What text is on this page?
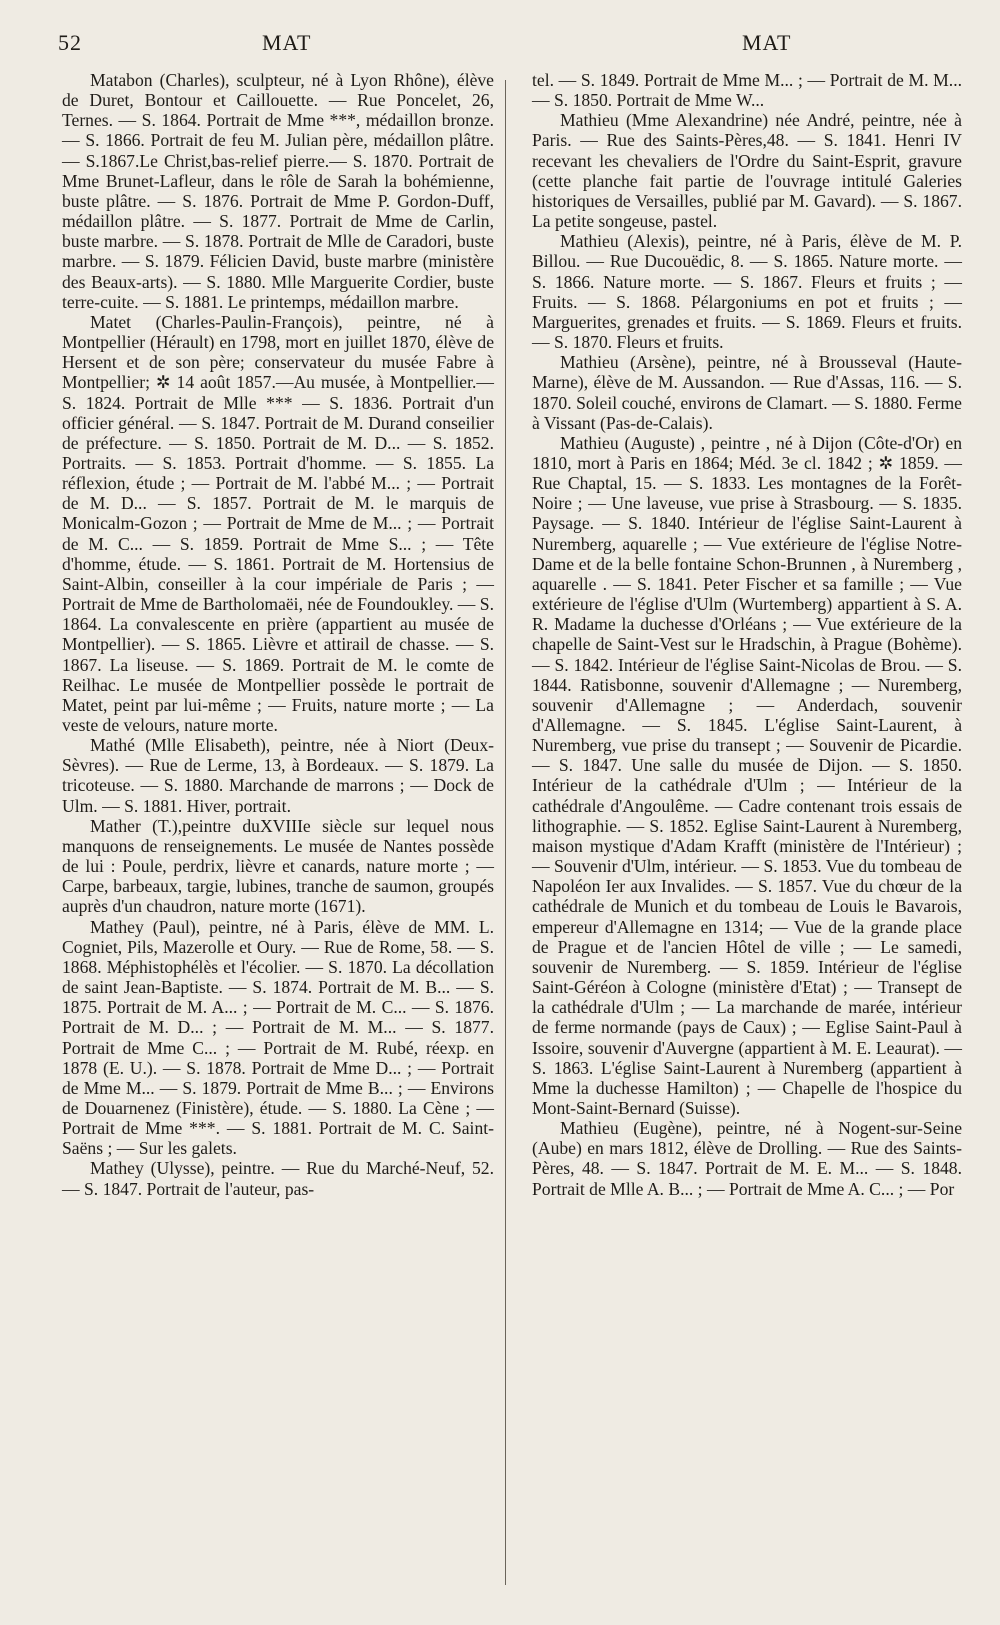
52	MAT	MAT

Matabon (Charles), sculpteur, né à Lyon Rhône), élève de Duret, Bontour et Caillouette. — Rue Poncelet, 26, Ternes. — S. 1864. Portrait de Mme ***, médaillon bronze. — S. 1866. Portrait de feu M. Julian père, médaillon plâtre. — S.1867.Le Christ,bas-relief pierre.— S. 1870. Portrait de Mme Brunet-Lafleur, dans le rôle de Sarah la bohémienne, buste plâtre. — S. 1876. Portrait de Mme P. Gordon-Duff, médaillon plâtre. — S. 1877. Portrait de Mme de Carlin, buste marbre. — S. 1878. Portrait de Mlle de Caradori, buste marbre. — S. 1879. Félicien David, buste marbre (ministère des Beaux-arts). — S. 1880. Mlle Marguerite Cordier, buste terre-cuite. — S. 1881. Le printemps, médaillon marbre.

Matet (Charles-Paulin-François), peintre, né à Montpellier (Hérault) en 1798, mort en juillet 1870, élève de Hersent et de son père; conservateur du musée Fabre à Montpellier; ✲ 14 août 1857.—Au musée, à Montpellier.—S. 1824. Portrait de Mlle *** — S. 1836. Portrait d'un officier général. — S. 1847. Portrait de M. Durand conseilier de préfecture. — S. 1850. Portrait de M. D... — S. 1852. Portraits. — S. 1853. Portrait d'homme. — S. 1855. La réflexion, étude ; — Portrait de M. l'abbé M... ; — Portrait de M. D... — S. 1857. Portrait de M. le marquis de Monicalm-Gozon ; — Portrait de Mme de M... ; — Portrait de M. C... — S. 1859. Portrait de Mme S... ; — Tête d'homme, étude. — S. 1861. Portrait de M. Hortensius de Saint-Albin, conseiller à la cour impériale de Paris ; — Portrait de Mme de Bartholomaëi, née de Foundoukley. — S. 1864. La convalescente en prière (appartient au musée de Montpellier). — S. 1865. Lièvre et attirail de chasse. — S. 1867. La liseuse. — S. 1869. Portrait de M. le comte de Reilhac. Le musée de Montpellier possède le portrait de Matet, peint par lui-même ; — Fruits, nature morte ; — La veste de velours, nature morte.

Mathé (Mlle Elisabeth), peintre, née à Niort (Deux-Sèvres). — Rue de Lerme, 13, à Bordeaux. — S. 1879. La tricoteuse. — S. 1880. Marchande de marrons ; — Dock de Ulm. — S. 1881. Hiver, portrait.

Mather (T.),peintre duXVIIIe siècle sur lequel nous manquons de renseignements. Le musée de Nantes possède de lui : Poule, perdrix, lièvre et canards, nature morte ; — Carpe, barbeaux, targie, lubines, tranche de saumon, groupés auprès d'un chaudron, nature morte (1671).

Mathey (Paul), peintre, né à Paris, élève de MM. L. Cogniet, Pils, Mazerolle et Oury. — Rue de Rome, 58. — S. 1868. Méphistophélès et l'écolier. — S. 1870. La décollation de saint Jean-Baptiste. — S. 1874. Portrait de M. B... — S. 1875. Portrait de M. A... ; — Portrait de M. C... — S. 1876. Portrait de M. D... ; — Portrait de M. M... — S. 1877. Portrait de Mme C... ; — Portrait de M. Rubé, réexp. en 1878 (E. U.). — S. 1878. Portrait de Mme D... ; — Portrait de Mme M... — S. 1879. Portrait de Mme B... ; — Environs de Douarnenez (Finistère), étude. — S. 1880. La Cène ; — Portrait de Mme ***. — S. 1881. Portrait de M. C. Saint-Saëns ; — Sur les galets.

Mathey (Ulysse), peintre. — Rue du Marché-Neuf, 52. — S. 1847. Portrait de l'auteur, pas-

tel. — S. 1849. Portrait de Mme M... ; — Portrait de M. M... — S. 1850. Portrait de Mme W...

Mathieu (Mme Alexandrine) née André, peintre, née à Paris. — Rue des Saints-Pères,48. — S. 1841. Henri IV recevant les chevaliers de l'Ordre du Saint-Esprit, gravure (cette planche fait partie de l'ouvrage intitulé Galeries historiques de Versailles, publié par M. Gavard). — S. 1867. La petite songeuse, pastel.

Mathieu (Alexis), peintre, né à Paris, élève de M. P. Billou. — Rue Ducouëdic, 8. — S. 1865. Nature morte. — S. 1866. Nature morte. — S. 1867. Fleurs et fruits ; — Fruits. — S. 1868. Pélargoniums en pot et fruits ; — Marguerites, grenades et fruits. — S. 1869. Fleurs et fruits. — S. 1870. Fleurs et fruits.

Mathieu (Arsène), peintre, né à Brousseval (Haute-Marne), élève de M. Aussandon. — Rue d'Assas, 116. — S. 1870. Soleil couché, environs de Clamart. — S. 1880. Ferme à Vissant (Pas-de-Calais).

Mathieu (Auguste) , peintre , né à Dijon (Côte-d'Or) en 1810, mort à Paris en 1864; Méd. 3e cl. 1842 ; ✲ 1859. — Rue Chaptal, 15. — S. 1833. Les montagnes de la Forêt-Noire ; — Une laveuse, vue prise à Strasbourg. — S. 1835. Paysage. — S. 1840. Intérieur de l'église Saint-Laurent à Nuremberg, aquarelle ; — Vue extérieure de l'église Notre-Dame et de la belle fontaine Schon-Brunnen , à Nuremberg , aquarelle . — S. 1841. Peter Fischer et sa famille ; — Vue extérieure de l'église d'Ulm (Wurtemberg) appartient à S. A. R. Madame la duchesse d'Orléans ; — Vue extérieure de la chapelle de Saint-Vest sur le Hradschin, à Prague (Bohème). — S. 1842. Intérieur de l'église Saint-Nicolas de Brou. — S. 1844. Ratisbonne, souvenir d'Allemagne ; — Nuremberg, souvenir d'Allemagne ; — Anderdach, souvenir d'Allemagne. — S. 1845. L'église Saint-Laurent, à Nuremberg, vue prise du transept ; — Souvenir de Picardie. — S. 1847. Une salle du musée de Dijon. — S. 1850. Intérieur de la cathédrale d'Ulm ; — Intérieur de la cathédrale d'Angoulême. — Cadre contenant trois essais de lithographie. — S. 1852. Eglise Saint-Laurent à Nuremberg, maison mystique d'Adam Krafft (ministère de l'Intérieur) ; — Souvenir d'Ulm, intérieur. — S. 1853. Vue du tombeau de Napoléon Ier aux Invalides. — S. 1857. Vue du chœur de la cathédrale de Munich et du tombeau de Louis le Bavarois, empereur d'Allemagne en 1314; — Vue de la grande place de Prague et de l'ancien Hôtel de ville ; — Le samedi, souvenir de Nuremberg. — S. 1859. Intérieur de l'église Saint-Géréon à Cologne (ministère d'Etat) ; — Transept de la cathédrale d'Ulm ; — La marchande de marée, intérieur de ferme normande (pays de Caux) ; — Eglise Saint-Paul à Issoire, souvenir d'Auvergne (appartient à M. E. Leaurat). — S. 1863. L'église Saint-Laurent à Nuremberg (appartient à Mme la duchesse Hamilton) ; — Chapelle de l'hospice du Mont-Saint-Bernard (Suisse).

Mathieu (Eugène), peintre, né à Nogent-sur-Seine (Aube) en mars 1812, élève de Drolling. — Rue des Saints-Pères, 48. — S. 1847. Portrait de M. E. M... — S. 1848. Portrait de Mlle A. B... ; — Portrait de Mme A. C... ; — Por
